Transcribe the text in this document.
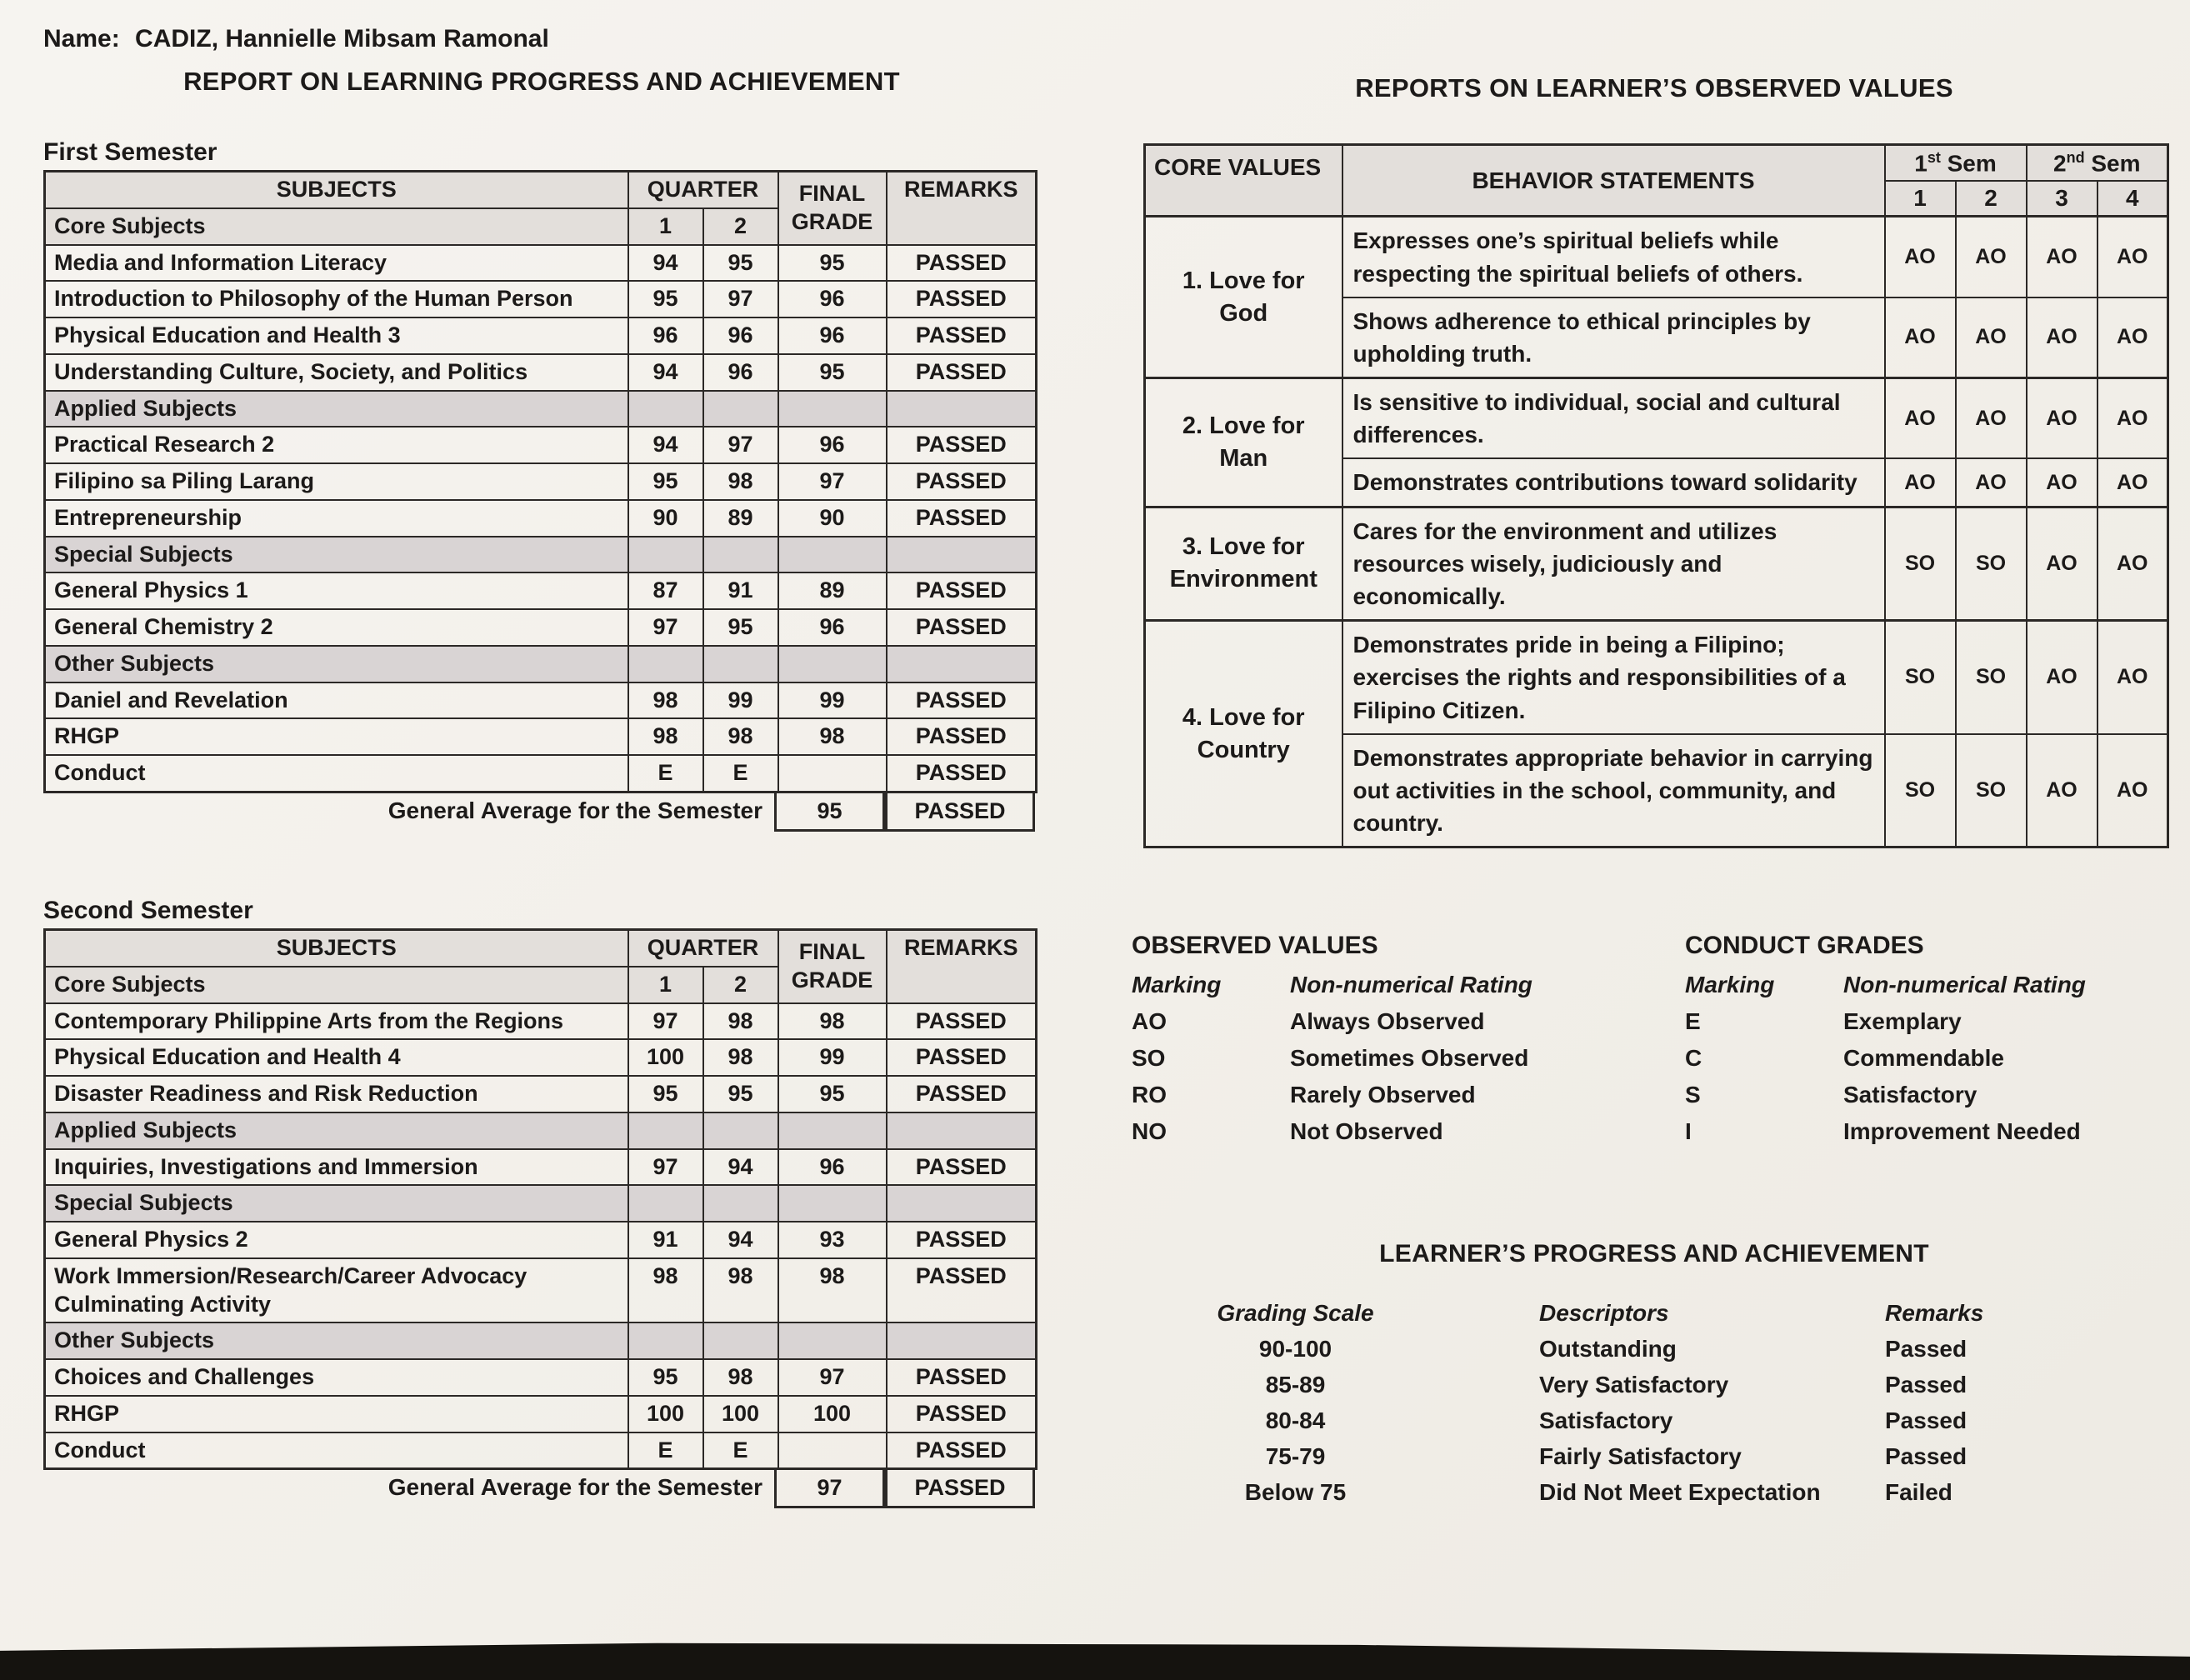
Name: CADIZ, Hannielle Mibsam Ramonal
REPORT ON LEARNING PROGRESS AND ACHIEVEMENT
First Semester
SUBJECTS	QUARTER		FINAL GRADE	REMARKS
Core Subjects	1	2		
Media and Information Literacy	94	95	95	PASSED
Introduction to Philosophy of the Human Person	95	97	96	PASSED
Physical Education and Health 3	96	96	96	PASSED
Understanding Culture, Society, and Politics	94	96	95	PASSED
Applied Subjects				
Practical Research 2	94	97	96	PASSED
Filipino sa Piling Larang	95	98	97	PASSED
Entrepreneurship	90	89	90	PASSED
Special Subjects				
General Physics 1	87	91	89	PASSED
General Chemistry 2	97	95	96	PASSED
Other Subjects				
Daniel and Revelation	98	99	99	PASSED
RHGP	98	98	98	PASSED
Conduct	E	E		PASSED
General Average for the Semester	95	PASSED
Second Semester
SUBJECTS	QUARTER		FINAL GRADE	REMARKS
Core Subjects	1	2		
Contemporary Philippine Arts from the Regions	97	98	98	PASSED
Physical Education and Health 4	100	98	99	PASSED
Disaster Readiness and Risk Reduction	95	95	95	PASSED
Applied Subjects				
Inquiries, Investigations and Immersion	97	94	96	PASSED
Special Subjects				
General Physics 2	91	94	93	PASSED
Work Immersion/Research/Career Advocacy Culminating Activity	98	98	98	PASSED
Other Subjects				
Choices and Challenges	95	98	97	PASSED
RHGP	100	100	100	PASSED
Conduct	E	E		PASSED
General Average for the Semester	97	PASSED
REPORTS ON LEARNER’S OBSERVED VALUES
CORE VALUES	BEHAVIOR STATEMENTS	1st Sem		2nd Sem	
		1	2	3	4
1. Love for God	Expresses one’s spiritual beliefs while respecting the spiritual beliefs of others.	AO	AO	AO	AO
	Shows adherence to ethical principles by upholding truth.	AO	AO	AO	AO
2. Love for Man	Is sensitive to individual, social and cultural differences.	AO	AO	AO	AO
	Demonstrates contributions toward solidarity	AO	AO	AO	AO
3. Love for Environment	Cares for the environment and utilizes resources wisely, judiciously and economically.	SO	SO	AO	AO
4. Love for Country	Demonstrates pride in being a Filipino; exercises the rights and responsibilities of a Filipino Citizen.	SO	SO	AO	AO
	Demonstrates appropriate behavior in carrying out activities in the school, community, and country.	SO	SO	AO	AO
OBSERVED VALUES
Marking	Non-numerical Rating
AO	Always Observed
SO	Sometimes Observed
RO	Rarely Observed
NO	Not Observed
CONDUCT GRADES
Marking	Non-numerical Rating
E	Exemplary
C	Commendable
S	Satisfactory
I	Improvement Needed
LEARNER’S PROGRESS AND ACHIEVEMENT
Grading Scale	Descriptors	Remarks
90-100	Outstanding	Passed
85-89	Very Satisfactory	Passed
80-84	Satisfactory	Passed
75-79	Fairly Satisfactory	Passed
Below 75	Did Not Meet Expectation	Failed
